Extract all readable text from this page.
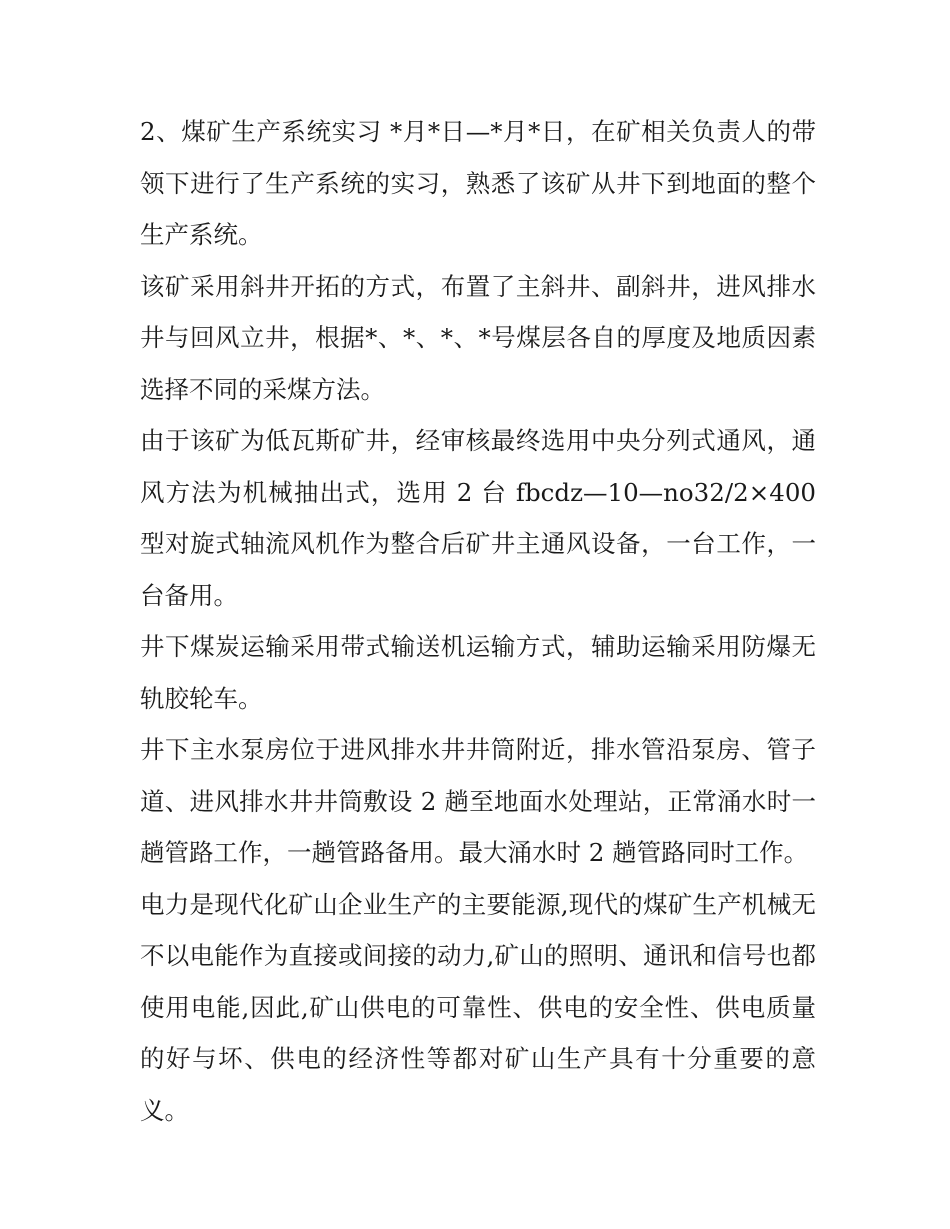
2、煤矿生产系统实习 *月*日—*月*日，在矿相关负责人的带领下进行了生产系统的实习，熟悉了该矿从井下到地面的整个生产系统。

该矿采用斜井开拓的方式，布置了主斜井、副斜井，进风排水井与回风立井，根据*、*、*、*号煤层各自的厚度及地质因素选择不同的采煤方法。

由于该矿为低瓦斯矿井，经审核最终选用中央分列式通风，通风方法为机械抽出式，选用 2 台 fbcdz—10—no32/2×400 型对旋式轴流风机作为整合后矿井主通风设备，一台工作，一台备用。

井下煤炭运输采用带式输送机运输方式，辅助运输采用防爆无轨胶轮车。

井下主水泵房位于进风排水井井筒附近，排水管沿泵房、管子道、进风排水井井筒敷设 2 趟至地面水处理站，正常涌水时一趟管路工作，一趟管路备用。最大涌水时 2 趟管路同时工作。

电力是现代化矿山企业生产的主要能源,现代的煤矿生产机械无不以电能作为直接或间接的动力,矿山的照明、通讯和信号也都使用电能,因此,矿山供电的可靠性、供电的安全性、供电质量的好与坏、供电的经济性等都对矿山生产具有十分重要的意义。
